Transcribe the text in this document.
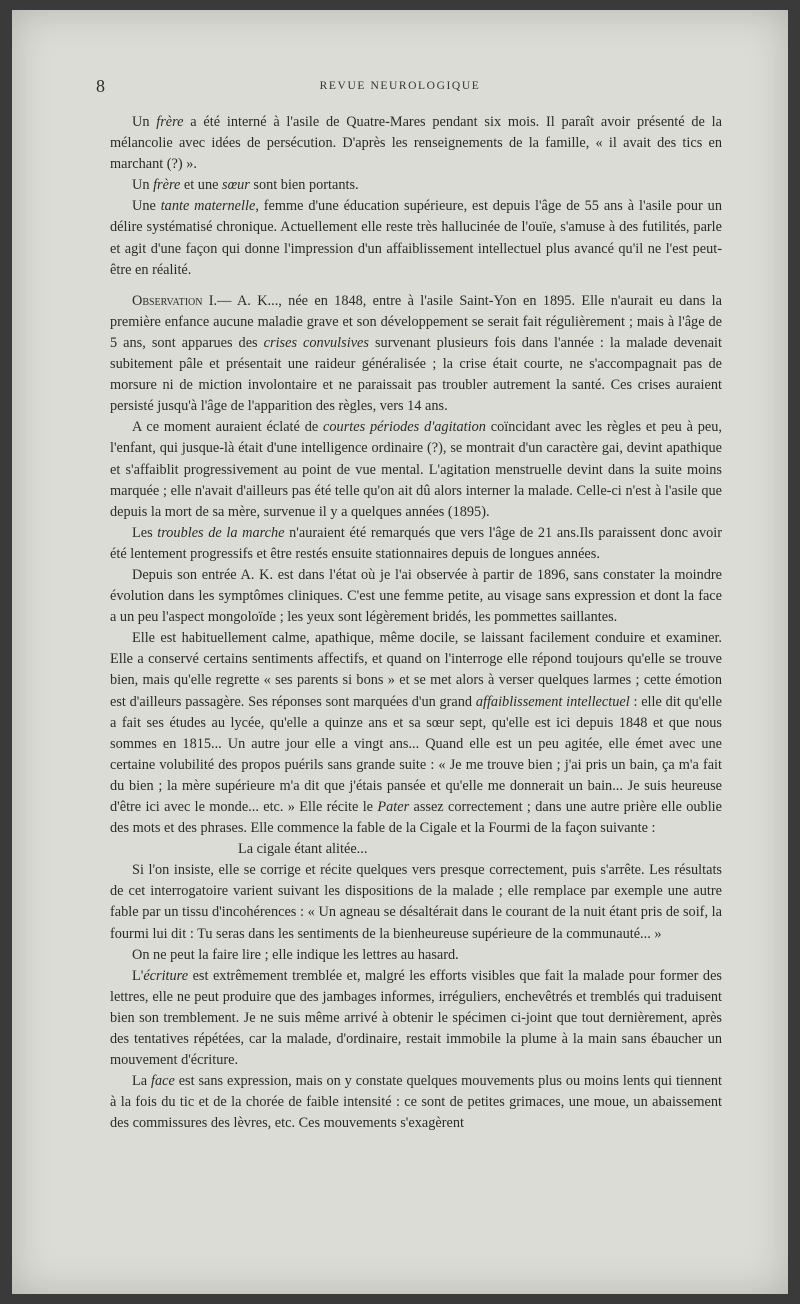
8	REVUE NEUROLOGIQUE

Un frère a été interné à l'asile de Quatre-Mares pendant six mois. Il paraît avoir présenté de la mélancolie avec idées de persécution. D'après les renseignements de la famille, « il avait des tics en marchant (?) ».

Un frère et une sœur sont bien portants.

Une tante maternelle, femme d'une éducation supérieure, est depuis l'âge de 55 ans à l'asile pour un délire systématisé chronique. Actuellement elle reste très hallucinée de l'ouïe, s'amuse à des futilités, parle et agit d'une façon qui donne l'impression d'un affaiblissement intellectuel plus avancé qu'il ne l'est peut-être en réalité.

Observation I.— A. K..., née en 1848, entre à l'asile Saint-Yon en 1895. Elle n'aurait eu dans la première enfance aucune maladie grave et son développement se serait fait régulièrement ; mais à l'âge de 5 ans, sont apparues des crises convulsives survenant plusieurs fois dans l'année : la malade devenait subitement pâle et présentait une raideur généralisée ; la crise était courte, ne s'accompagnait pas de morsure ni de miction involontaire et ne paraissait pas troubler autrement la santé. Ces crises auraient persisté jusqu'à l'âge de l'apparition des règles, vers 14 ans.

A ce moment auraient éclaté de courtes périodes d'agitation coïncidant avec les règles et peu à peu, l'enfant, qui jusque-là était d'une intelligence ordinaire (?), se montrait d'un caractère gai, devint apathique et s'affaiblit progressivement au point de vue mental. L'agitation menstruelle devint dans la suite moins marquée ; elle n'avait d'ailleurs pas été telle qu'on ait dû alors interner la malade. Celle-ci n'est à l'asile que depuis la mort de sa mère, survenue il y a quelques années (1895).

Les troubles de la marche n'auraient été remarqués que vers l'âge de 21 ans.Ils paraissent donc avoir été lentement progressifs et être restés ensuite stationnaires depuis de longues années.

Depuis son entrée A. K. est dans l'état où je l'ai observée à partir de 1896, sans constater la moindre évolution dans les symptômes cliniques. C'est une femme petite, au visage sans expression et dont la face a un peu l'aspect mongoloïde ; les yeux sont légèrement bridés, les pommettes saillantes.

Elle est habituellement calme, apathique, même docile, se laissant facilement conduire et examiner. Elle a conservé certains sentiments affectifs, et quand on l'interroge elle répond toujours qu'elle se trouve bien, mais qu'elle regrette « ses parents si bons » et se met alors à verser quelques larmes ; cette émotion est d'ailleurs passagère. Ses réponses sont marquées d'un grand affaiblissement intellectuel : elle dit qu'elle a fait ses études au lycée, qu'elle a quinze ans et sa sœur sept, qu'elle est ici depuis 1848 et que nous sommes en 1815... Un autre jour elle a vingt ans... Quand elle est un peu agitée, elle émet avec une certaine volubilité des propos puérils sans grande suite : « Je me trouve bien ; j'ai pris un bain, ça m'a fait du bien ; la mère supérieure m'a dit que j'étais pansée et qu'elle me donnerait un bain... Je suis heureuse d'être ici avec le monde... etc. » Elle récite le Pater assez correctement ; dans une autre prière elle oublie des mots et des phrases. Elle commence la fable de la Cigale et la Fourmi de la façon suivante :

La cigale étant alitée...

Si l'on insiste, elle se corrige et récite quelques vers presque correctement, puis s'arrête. Les résultats de cet interrogatoire varient suivant les dispositions de la malade ; elle remplace par exemple une autre fable par un tissu d'incohérences : « Un agneau se désaltérait dans le courant de la nuit étant pris de soif, la fourmi lui dit : Tu seras dans les sentiments de la bienheureuse supérieure de la communauté... »

On ne peut la faire lire ; elle indique les lettres au hasard.

L'écriture est extrêmement tremblée et, malgré les efforts visibles que fait la malade pour former des lettres, elle ne peut produire que des jambages informes, irréguliers, enchevêtrés et tremblés qui traduisent bien son tremblement. Je ne suis même arrivé à obtenir le spécimen ci-joint que tout dernièrement, après des tentatives répétées, car la malade, d'ordinaire, restait immobile la plume à la main sans ébaucher un mouvement d'écriture.

La face est sans expression, mais on y constate quelques mouvements plus ou moins lents qui tiennent à la fois du tic et de la chorée de faible intensité : ce sont de petites grimaces, une moue, un abaissement des commissures des lèvres, etc. Ces mouvements s'exagèrent
